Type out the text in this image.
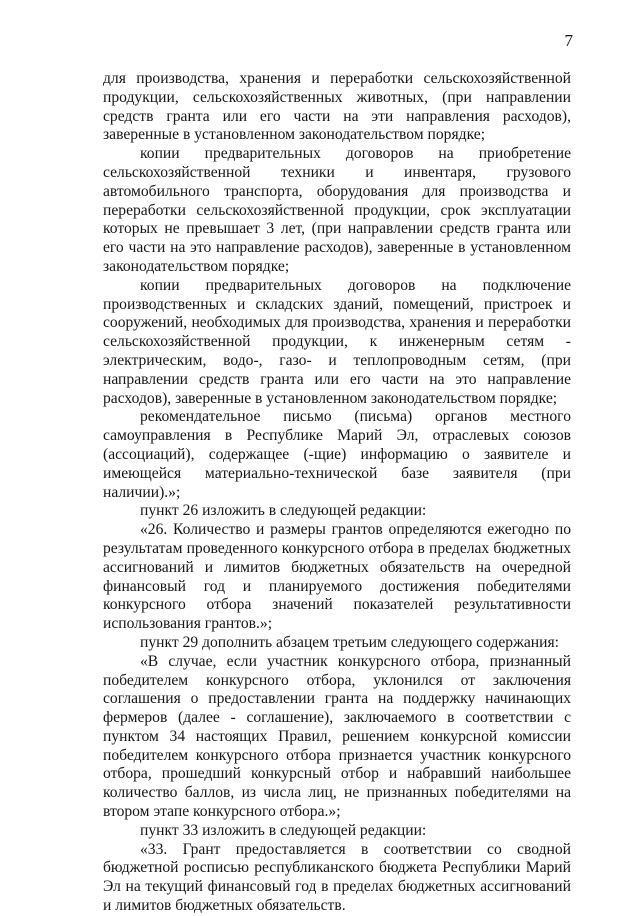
7

для производства, хранения и переработки сельскохозяйственной продукции, сельскохозяйственных животных, (при направлении средств гранта или его части на эти направления расходов), заверенные в установленном законодательством порядке;

копии предварительных договоров на приобретение сельскохозяйственной техники и инвентаря, грузового автомобильного транспорта, оборудования для производства и переработки сельскохозяйственной продукции, срок эксплуатации которых не превышает 3 лет, (при направлении средств гранта или его части на это направление расходов), заверенные в установленном законодательством порядке;

копии предварительных договоров на подключение производственных и складских зданий, помещений, пристроек и сооружений, необходимых для производства, хранения и переработки сельскохозяйственной продукции, к инженерным сетям - электрическим, водо-, газо- и теплопроводным сетям, (при направлении средств гранта или его части на это направление расходов), заверенные в установленном законодательством порядке;

рекомендательное письмо (письма) органов местного самоуправления в Республике Марий Эл, отраслевых союзов (ассоциаций), содержащее (-щие) информацию о заявителе и имеющейся материально-технической базе заявителя (при наличии).»;

пункт 26 изложить в следующей редакции:

«26. Количество и размеры грантов определяются ежегодно по результатам проведенного конкурсного отбора в пределах бюджетных ассигнований и лимитов бюджетных обязательств на очередной финансовый год и планируемого достижения победителями конкурсного отбора значений показателей результативности использования грантов.»;

пункт 29 дополнить абзацем третьим следующего содержания:

«В случае, если участник конкурсного отбора, признанный победителем конкурсного отбора, уклонился от заключения соглашения о предоставлении гранта на поддержку начинающих фермеров (далее - соглашение), заключаемого в соответствии с пунктом 34 настоящих Правил, решением конкурсной комиссии победителем конкурсного отбора признается участник конкурсного отбора, прошедший конкурсный отбор и набравший наибольшее количество баллов, из числа лиц, не признанных победителями на втором этапе конкурсного отбора.»;

пункт 33 изложить в следующей редакции:

«33. Грант предоставляется в соответствии со сводной бюджетной росписью республиканского бюджета Республики Марий Эл на текущий финансовый год в пределах бюджетных ассигнований и лимитов бюджетных обязательств.
